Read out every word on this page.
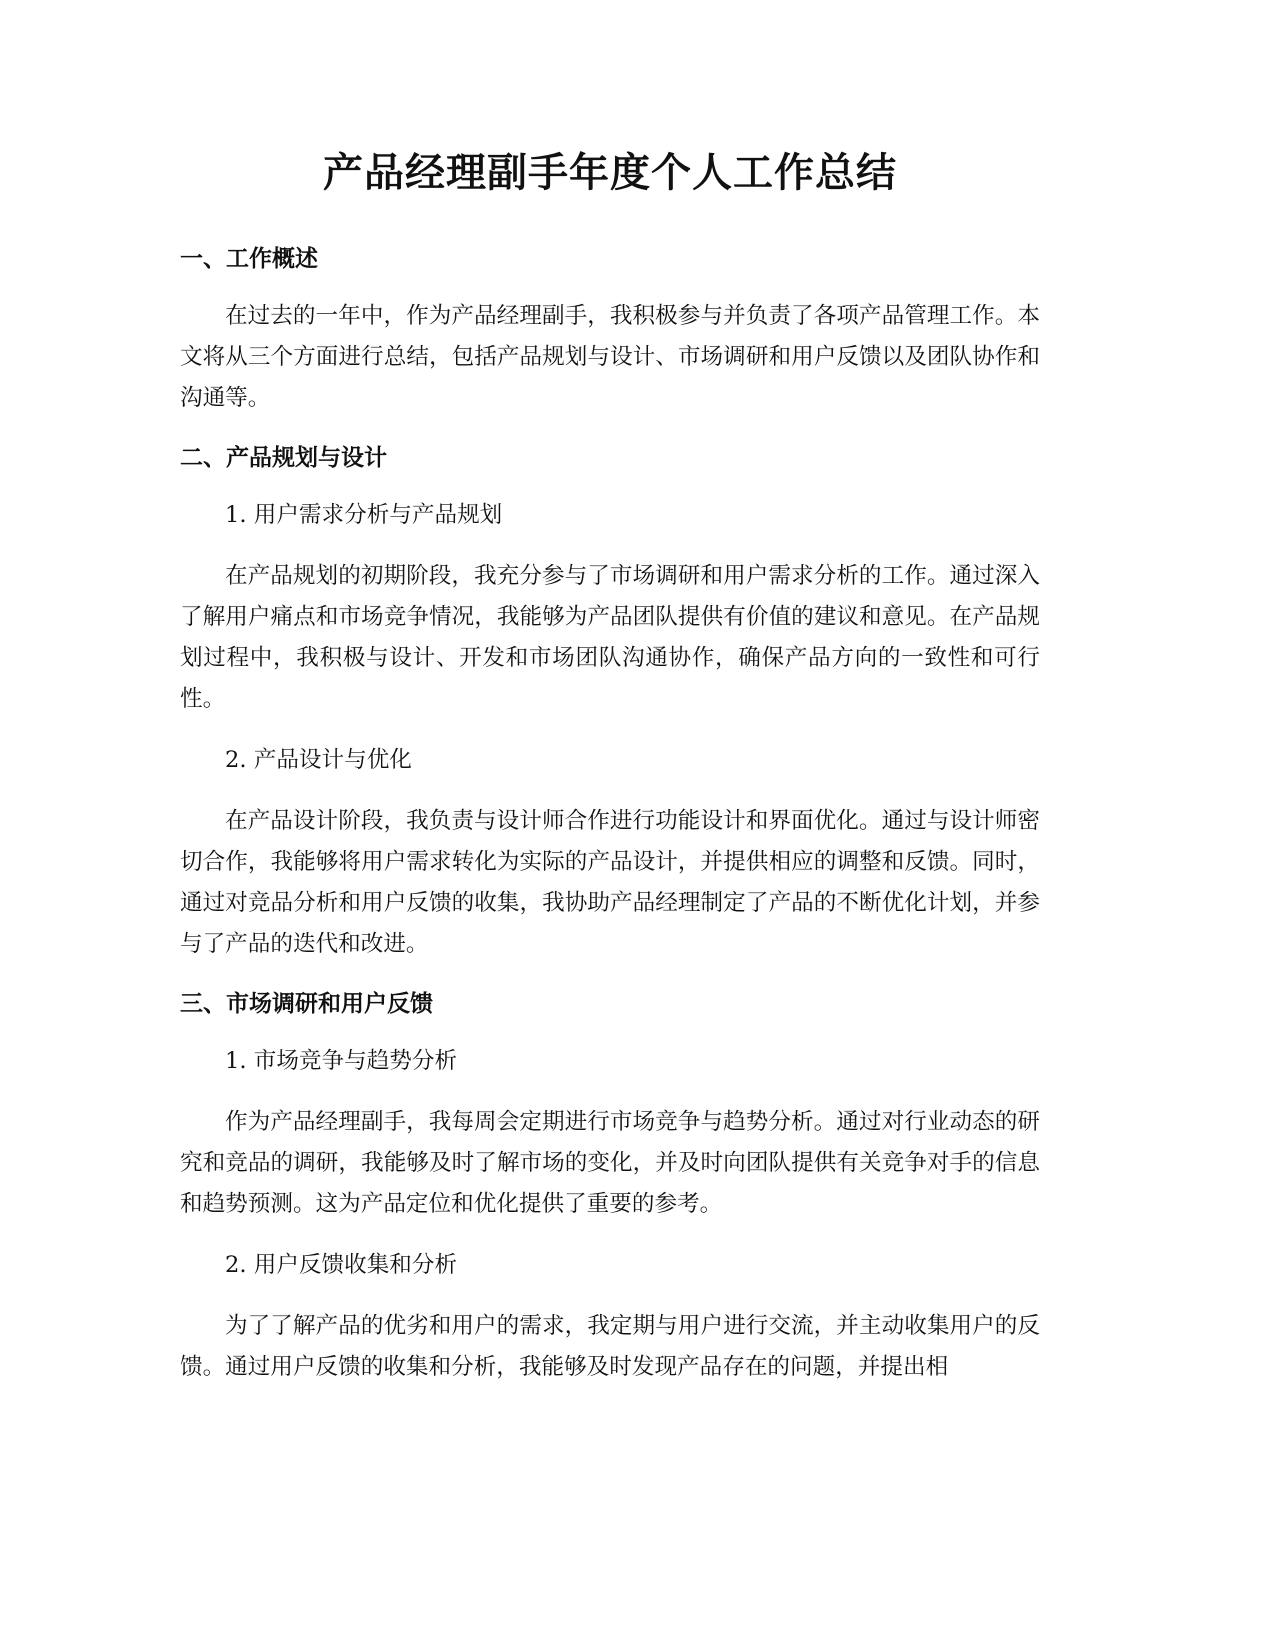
产品经理副手年度个人工作总结
一、工作概述

在过去的一年中，作为产品经理副手，我积极参与并负责了各项产品管理工作。本文将从三个方面进行总结，包括产品规划与设计、市场调研和用户反馈以及团队协作和沟通等。

二、产品规划与设计

1. 用户需求分析与产品规划

在产品规划的初期阶段，我充分参与了市场调研和用户需求分析的工作。通过深入了解用户痛点和市场竞争情况，我能够为产品团队提供有价值的建议和意见。在产品规划过程中，我积极与设计、开发和市场团队沟通协作，确保产品方向的一致性和可行性。

2. 产品设计与优化

在产品设计阶段，我负责与设计师合作进行功能设计和界面优化。通过与设计师密切合作，我能够将用户需求转化为实际的产品设计，并提供相应的调整和反馈。同时，通过对竞品分析和用户反馈的收集，我协助产品经理制定了产品的不断优化计划，并参与了产品的迭代和改进。

三、市场调研和用户反馈

1. 市场竞争与趋势分析

作为产品经理副手，我每周会定期进行市场竞争与趋势分析。通过对行业动态的研究和竞品的调研，我能够及时了解市场的变化，并及时向团队提供有关竞争对手的信息和趋势预测。这为产品定位和优化提供了重要的参考。

2. 用户反馈收集和分析

为了了解产品的优劣和用户的需求，我定期与用户进行交流，并主动收集用户的反馈。通过用户反馈的收集和分析，我能够及时发现产品存在的问题，并提出相
